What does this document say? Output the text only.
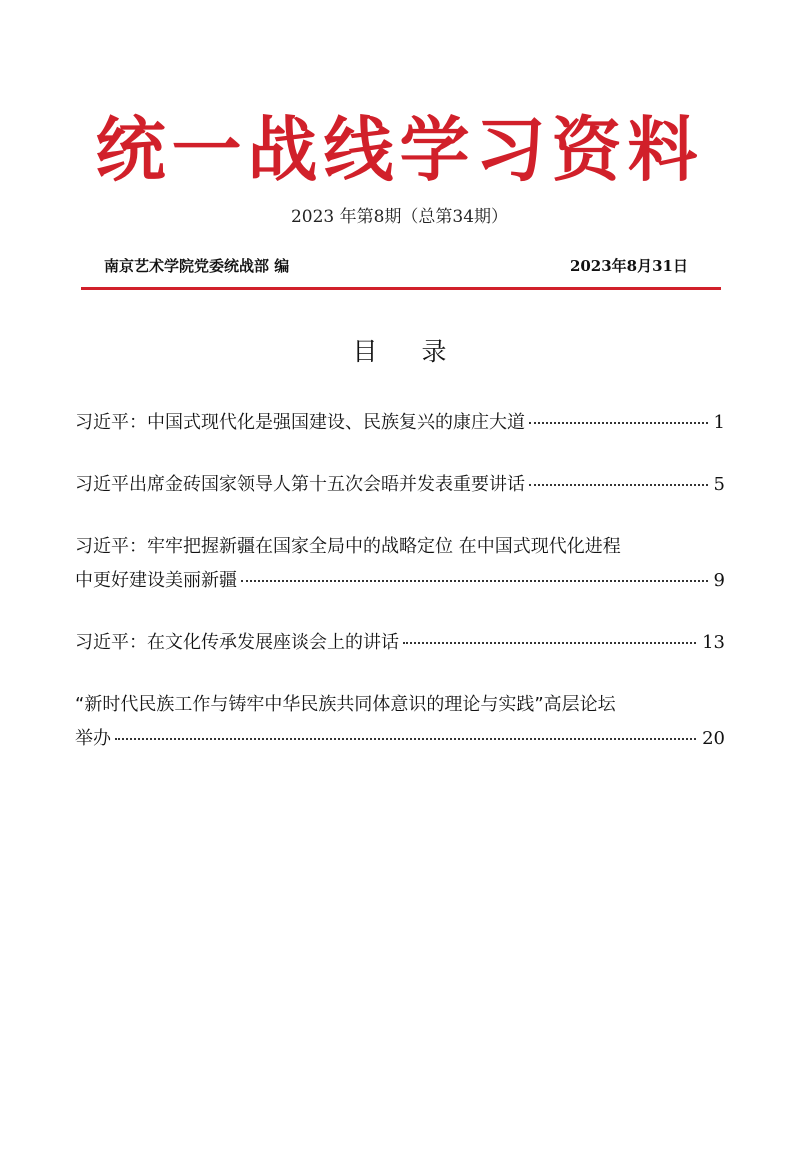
统一战线学习资料
2023 年第8期（总第34期）
南京艺术学院党委统战部 编	2023年8月31日
目 录
习近平：中国式现代化是强国建设、民族复兴的康庄大道	1
习近平出席金砖国家领导人第十五次会晤并发表重要讲话	5
习近平：牢牢把握新疆在国家全局中的战略定位 在中国式现代化进程
中更好建设美丽新疆	9
习近平：在文化传承发展座谈会上的讲话	13
“新时代民族工作与铸牢中华民族共同体意识的理论与实践”高层论坛
举办	20
